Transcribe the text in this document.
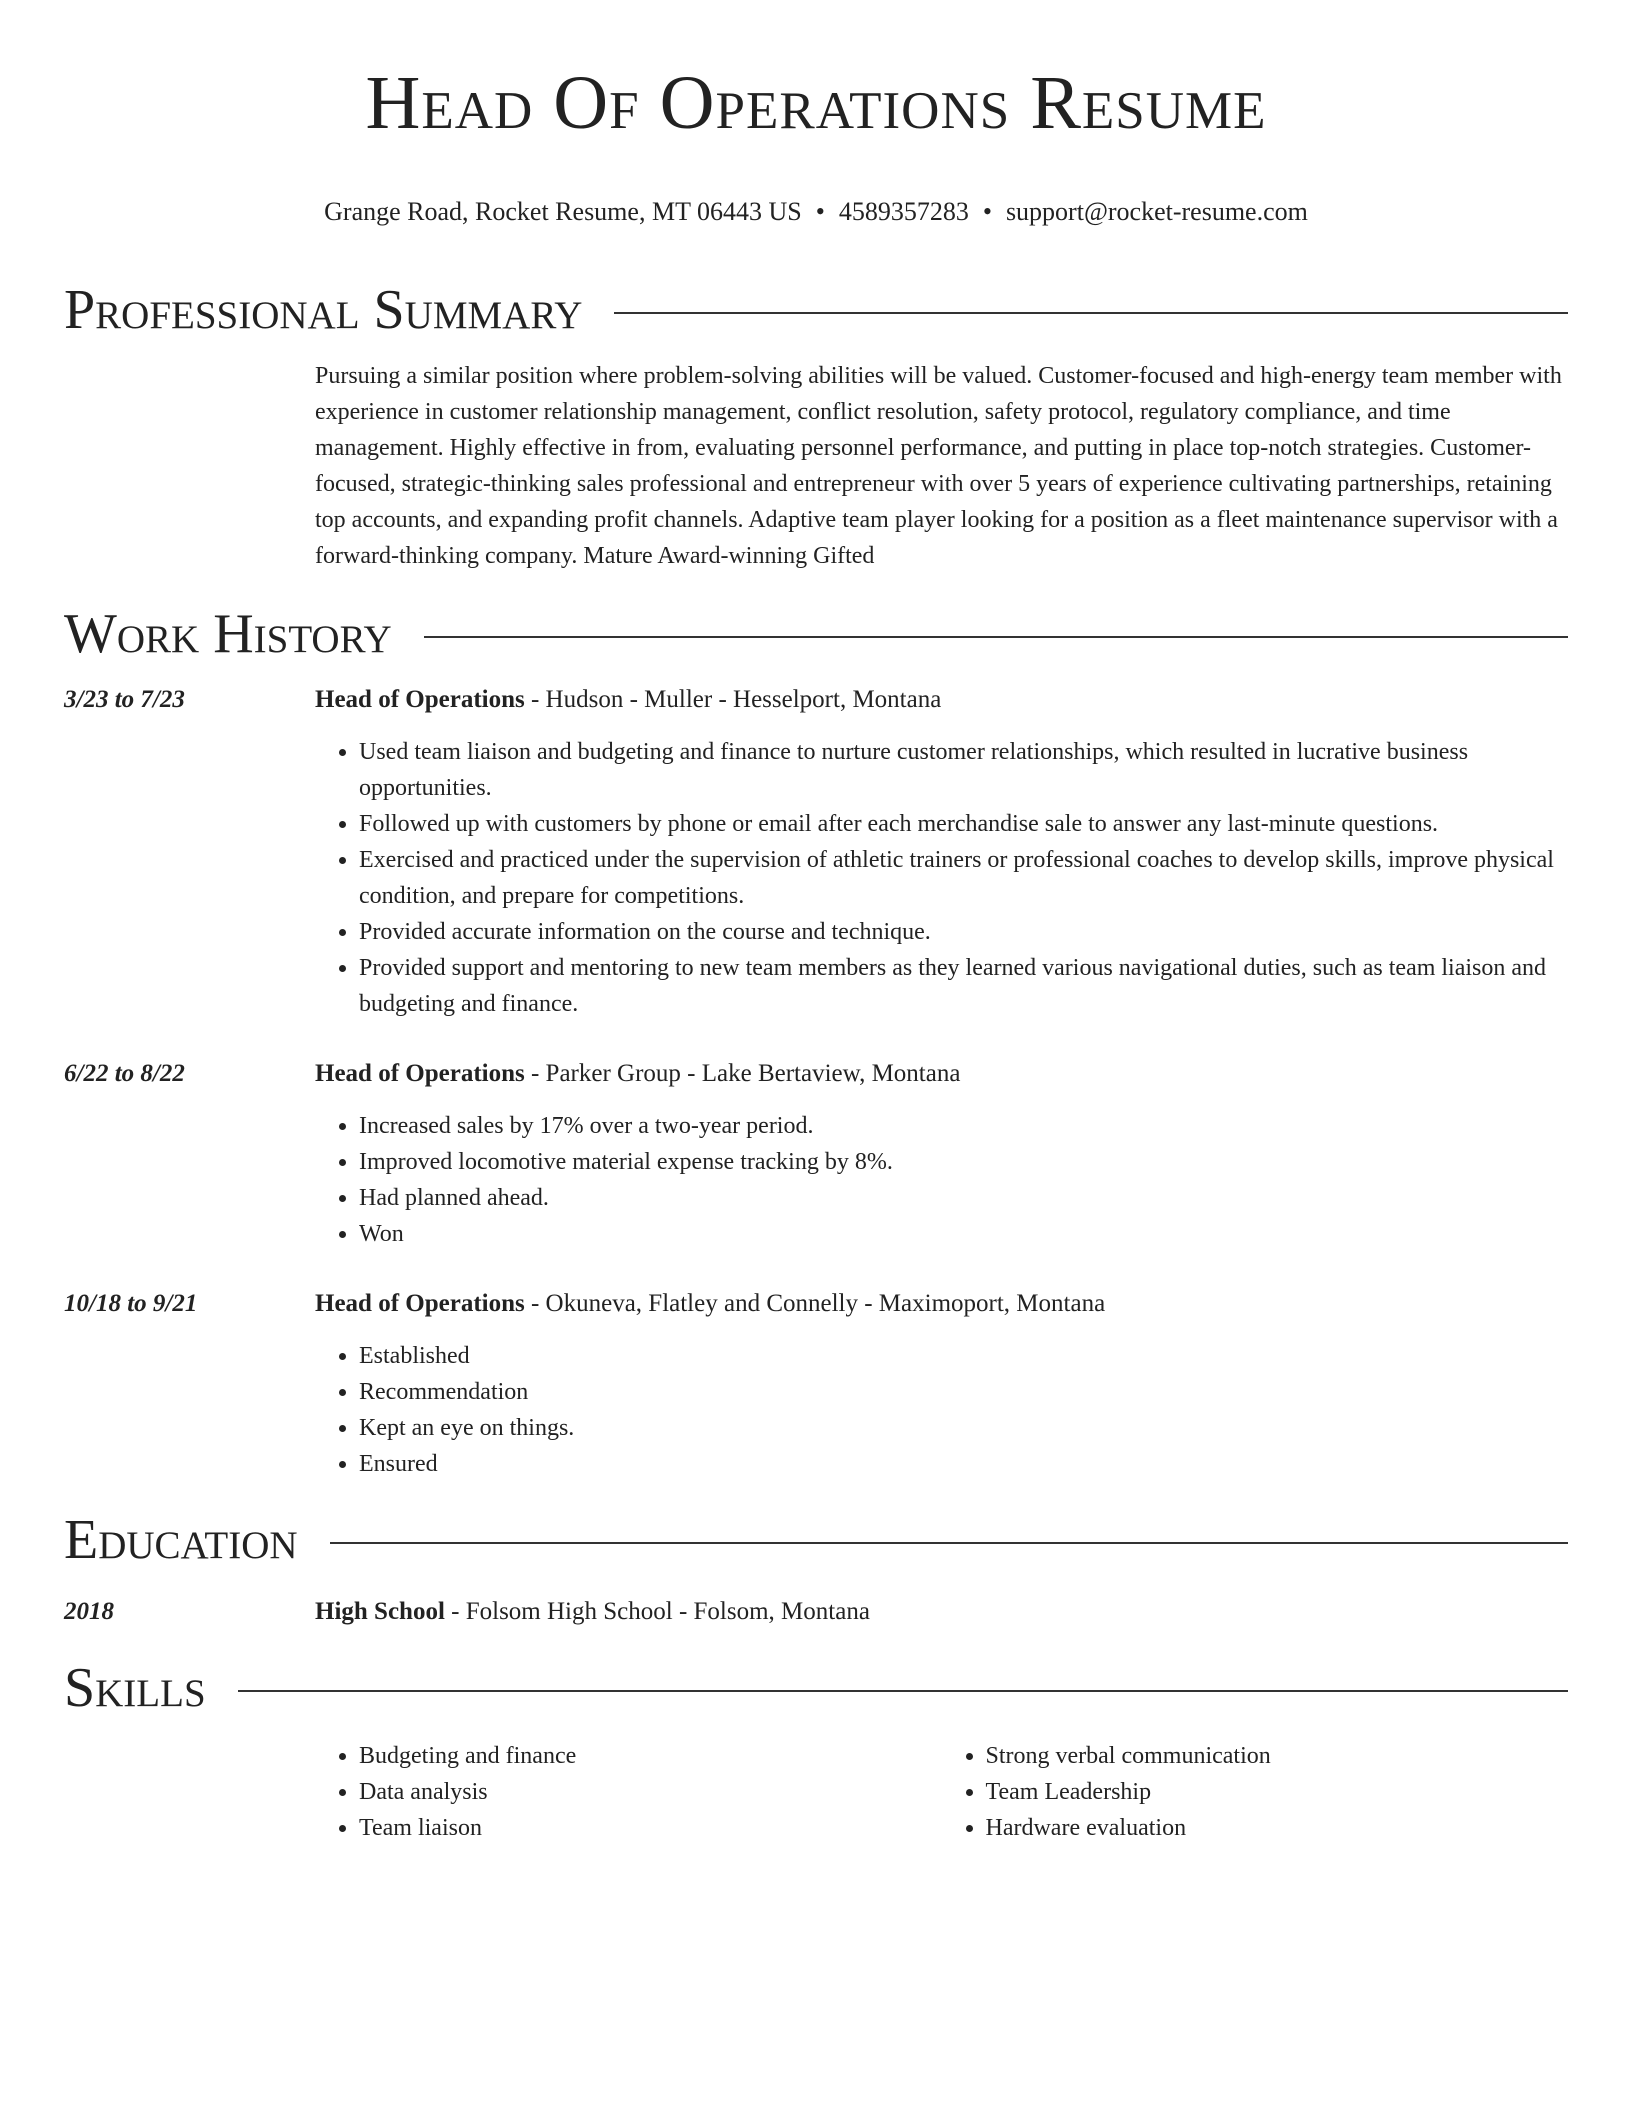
Head Of Operations Resume
Grange Road, Rocket Resume, MT 06443 US • 4589357283 • support@rocket-resume.com
Professional Summary
Pursuing a similar position where problem-solving abilities will be valued. Customer-focused and high-energy team member with experience in customer relationship management, conflict resolution, safety protocol, regulatory compliance, and time management. Highly effective in from, evaluating personnel performance, and putting in place top-notch strategies. Customer-focused, strategic-thinking sales professional and entrepreneur with over 5 years of experience cultivating partnerships, retaining top accounts, and expanding profit channels. Adaptive team player looking for a position as a fleet maintenance supervisor with a forward-thinking company. Mature Award-winning Gifted
Work History
3/23 to 7/23	Head of Operations - Hudson - Muller - Hesselport, Montana
• Used team liaison and budgeting and finance to nurture customer relationships, which resulted in lucrative business opportunities.
• Followed up with customers by phone or email after each merchandise sale to answer any last-minute questions.
• Exercised and practiced under the supervision of athletic trainers or professional coaches to develop skills, improve physical condition, and prepare for competitions.
• Provided accurate information on the course and technique.
• Provided support and mentoring to new team members as they learned various navigational duties, such as team liaison and budgeting and finance.
6/22 to 8/22	Head of Operations - Parker Group - Lake Bertaview, Montana
• Increased sales by 17% over a two-year period.
• Improved locomotive material expense tracking by 8%.
• Had planned ahead.
• Won
10/18 to 9/21	Head of Operations - Okuneva, Flatley and Connelly - Maximoport, Montana
• Established
• Recommendation
• Kept an eye on things.
• Ensured
Education
2018	High School - Folsom High School - Folsom, Montana
Skills
• Budgeting and finance
• Data analysis
• Team liaison
• Strong verbal communication
• Team Leadership
• Hardware evaluation
